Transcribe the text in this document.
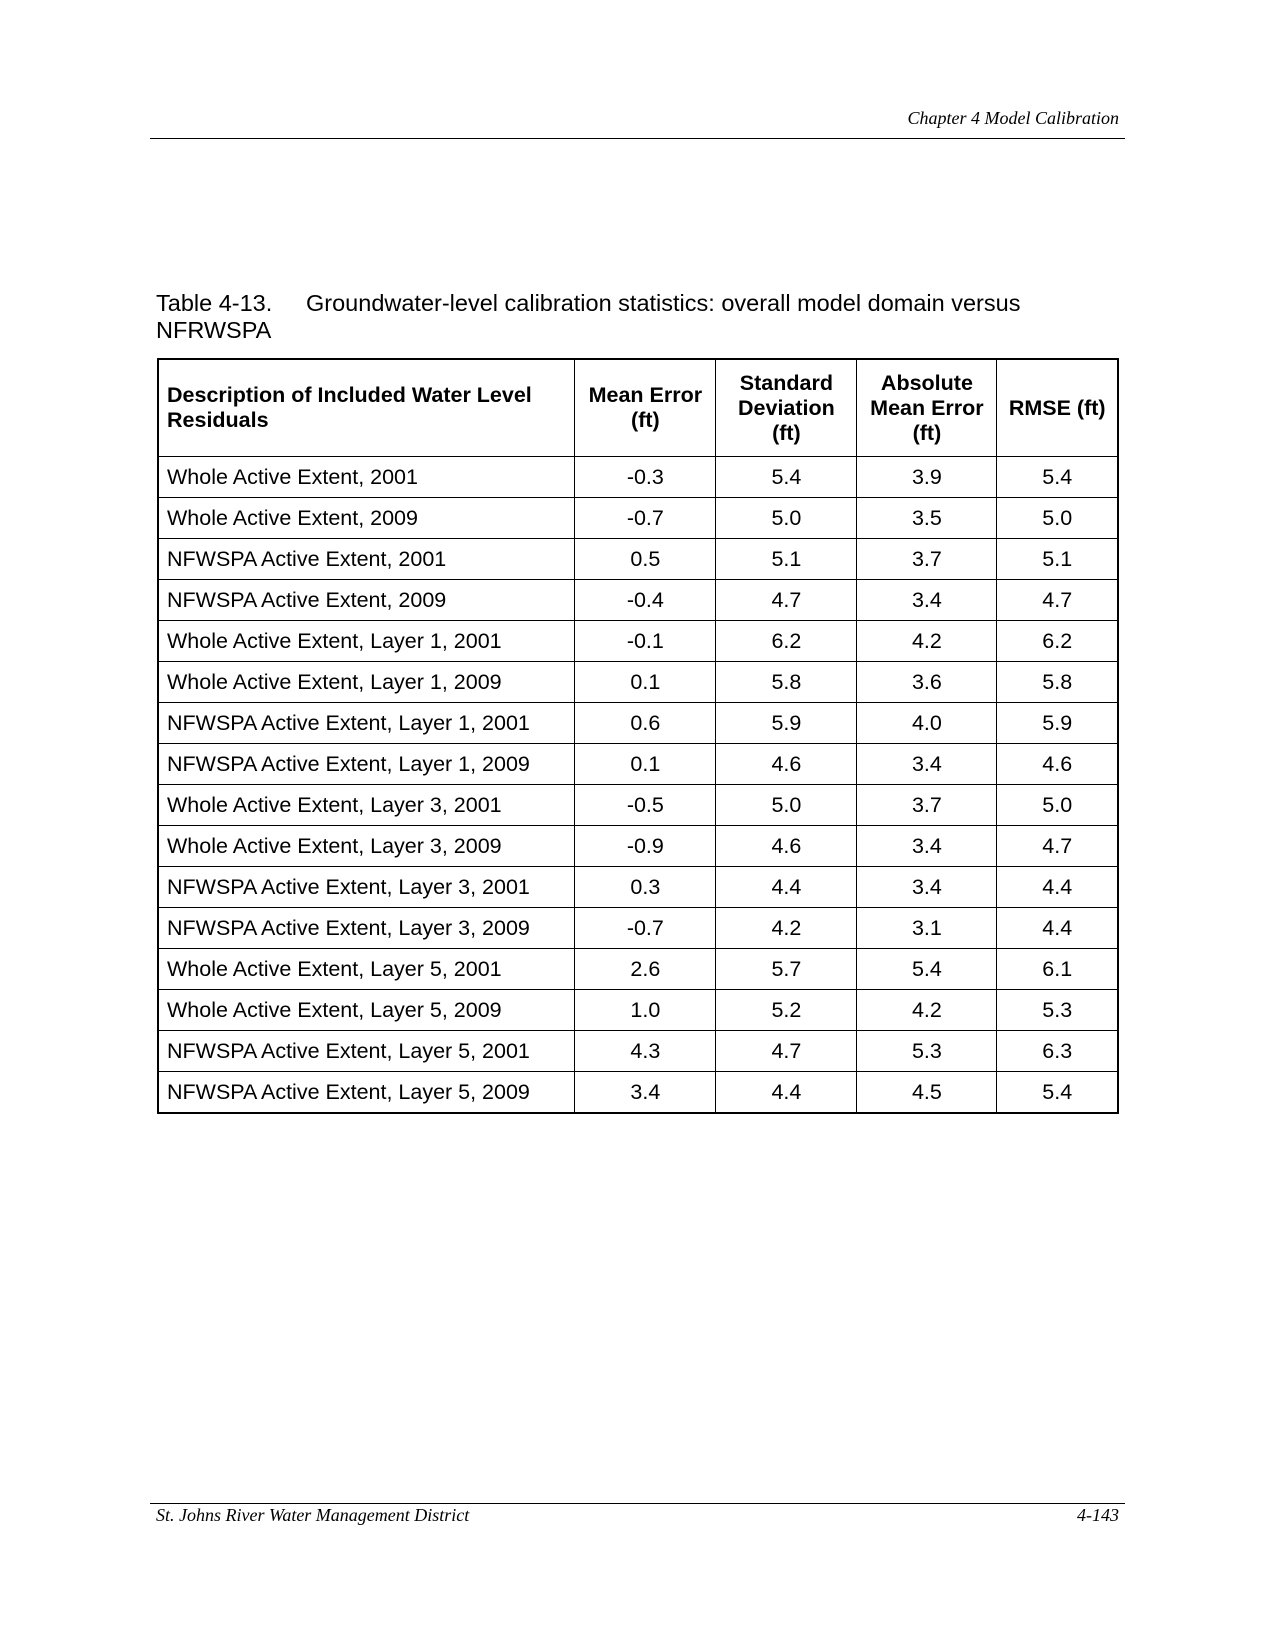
Chapter 4 Model Calibration
Table 4-13. Groundwater-level calibration statistics: overall model domain versus NFRWSPA
Description of Included Water Level Residuals	Mean Error (ft)	Standard Deviation (ft)	Absolute Mean Error (ft)	RMSE (ft)
Whole Active Extent, 2001	-0.3	5.4	3.9	5.4
Whole Active Extent, 2009	-0.7	5.0	3.5	5.0
NFWSPA Active Extent, 2001	0.5	5.1	3.7	5.1
NFWSPA Active Extent, 2009	-0.4	4.7	3.4	4.7
Whole Active Extent, Layer 1, 2001	-0.1	6.2	4.2	6.2
Whole Active Extent, Layer 1, 2009	0.1	5.8	3.6	5.8
NFWSPA Active Extent, Layer 1, 2001	0.6	5.9	4.0	5.9
NFWSPA Active Extent, Layer 1, 2009	0.1	4.6	3.4	4.6
Whole Active Extent, Layer 3, 2001	-0.5	5.0	3.7	5.0
Whole Active Extent, Layer 3, 2009	-0.9	4.6	3.4	4.7
NFWSPA Active Extent, Layer 3, 2001	0.3	4.4	3.4	4.4
NFWSPA Active Extent, Layer 3, 2009	-0.7	4.2	3.1	4.4
Whole Active Extent, Layer 5, 2001	2.6	5.7	5.4	6.1
Whole Active Extent, Layer 5, 2009	1.0	5.2	4.2	5.3
NFWSPA Active Extent, Layer 5, 2001	4.3	4.7	5.3	6.3
NFWSPA Active Extent, Layer 5, 2009	3.4	4.4	4.5	5.4
St. Johns River Water Management District	4-143
